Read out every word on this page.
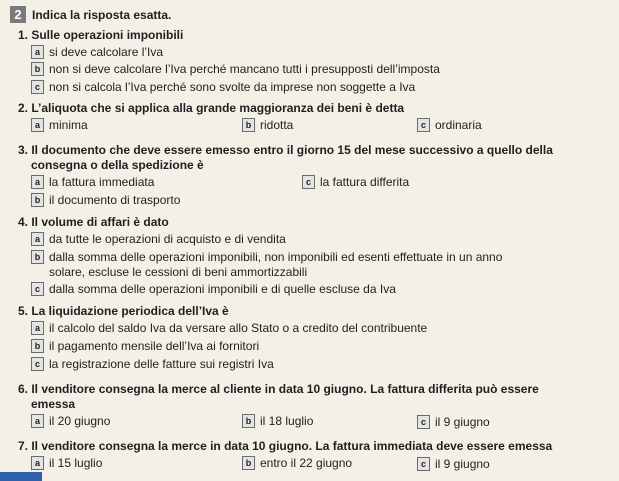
2 Indica la risposta esatta.
1. Sulle operazioni imponibili
a si deve calcolare l’Iva
b non si deve calcolare l’Iva perché mancano tutti i presupposti dell’imposta
c non si calcola l’Iva perché sono svolte da imprese non soggette a Iva
2. L’aliquota che si applica alla grande maggioranza dei beni è detta
a minima	b ridotta	c ordinaria
3. Il documento che deve essere emesso entro il giorno 15 del mese successivo a quello della
consegna o della spedizione è
a la fattura immediata	c la fattura differita
b il documento di trasporto
4. Il volume di affari è dato
a da tutte le operazioni di acquisto e di vendita
b dalla somma delle operazioni imponibili, non imponibili ed esenti effettuate in un anno
solare, escluse le cessioni di beni ammortizzabili
c dalla somma delle operazioni imponibili e di quelle escluse da Iva
5. La liquidazione periodica dell’Iva è
a il calcolo del saldo Iva da versare allo Stato o a credito del contribuente
b il pagamento mensile dell’Iva ai fornitori
c la registrazione delle fatture sui registri Iva
6. Il venditore consegna la merce al cliente in data 10 giugno. La fattura differita può essere
emessa
a il 20 giugno	b il 18 luglio	c il 9 giugno
7. Il venditore consegna la merce in data 10 giugno. La fattura immediata deve essere emessa
a il 15 luglio	b entro il 22 giugno	c il 9 giugno
